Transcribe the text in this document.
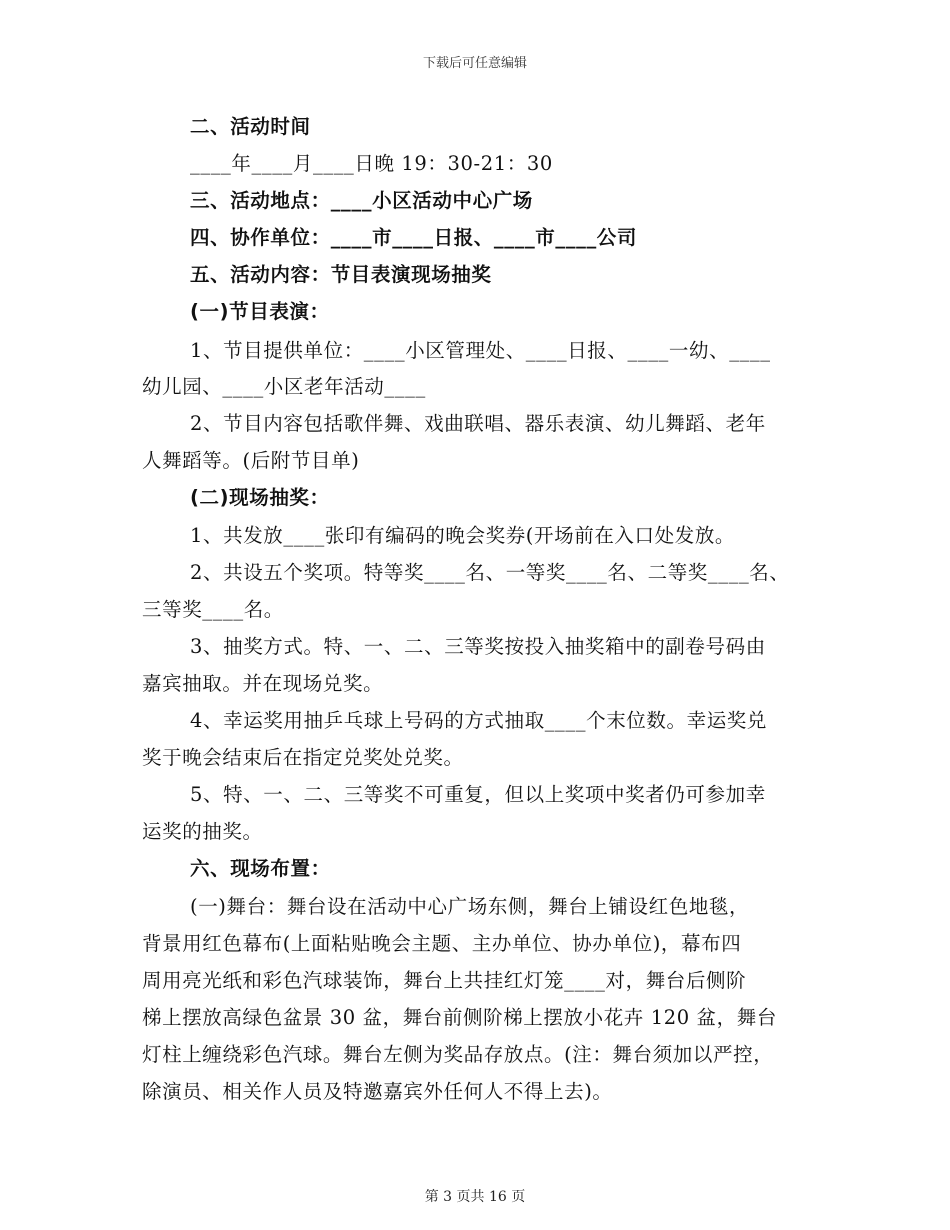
下载后可任意编辑
二、活动时间
____年____月____日晚 19：30-21：30
三、活动地点：____小区活动中心广场
四、协作单位：____市____日报、____市____公司
五、活动内容：节目表演现场抽奖
(一)节目表演：
1、节目提供单位：____小区管理处、____日报、____一幼、____
幼儿园、____小区老年活动____
2、节目内容包括歌伴舞、戏曲联唱、器乐表演、幼儿舞蹈、老年
人舞蹈等。(后附节目单)
(二)现场抽奖：
1、共发放____张印有编码的晚会奖券(开场前在入口处发放。
2、共设五个奖项。特等奖____名、一等奖____名、二等奖____名、
三等奖____名。
3、抽奖方式。特、一、二、三等奖按投入抽奖箱中的副卷号码由
嘉宾抽取。并在现场兑奖。
4、幸运奖用抽乒乓球上号码的方式抽取____个末位数。幸运奖兑
奖于晚会结束后在指定兑奖处兑奖。
5、特、一、二、三等奖不可重复，但以上奖项中奖者仍可参加幸
运奖的抽奖。
六、现场布置：
(一)舞台：舞台设在活动中心广场东侧，舞台上铺设红色地毯，
背景用红色幕布(上面粘贴晚会主题、主办单位、协办单位)，幕布四
周用亮光纸和彩色汽球装饰，舞台上共挂红灯笼____对，舞台后侧阶
梯上摆放高绿色盆景 30 盆，舞台前侧阶梯上摆放小花卉 120 盆，舞台
灯柱上缠绕彩色汽球。舞台左侧为奖品存放点。(注：舞台须加以严控，
除演员、相关作人员及特邀嘉宾外任何人不得上去)。
第 3 页共 16 页
